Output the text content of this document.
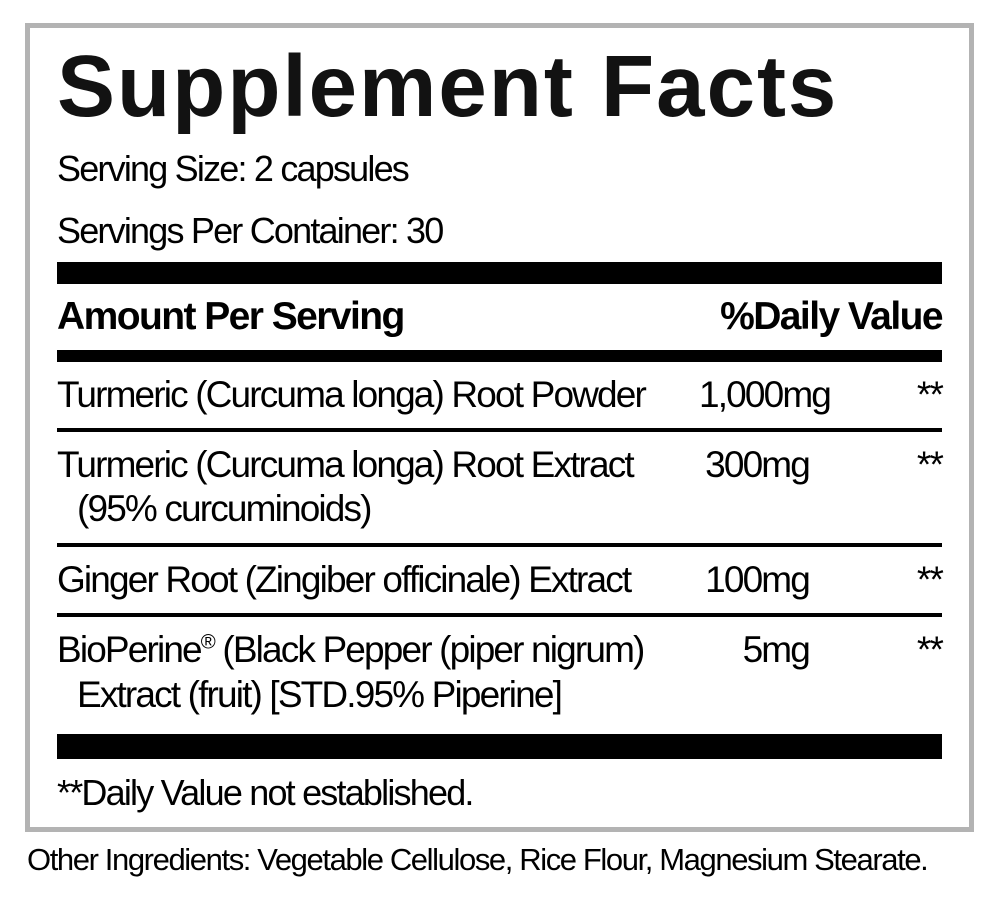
Supplement Facts
Serving Size: 2 capsules
Servings Per Container: 30
Amount Per Serving	%Daily Value
Turmeric (Curcuma longa) Root Powder	1,000mg	**
Turmeric (Curcuma longa) Root Extract
(95% curcuminoids)
300mg	**
Ginger Root (Zingiber officinale) Extract	100mg	**
BioPerine® (Black Pepper (piper nigrum)
Extract (fruit) [STD.95% Piperine]
5mg	**
**Daily Value not established.
Other Ingredients: Vegetable Cellulose, Rice Flour, Magnesium Stearate.
